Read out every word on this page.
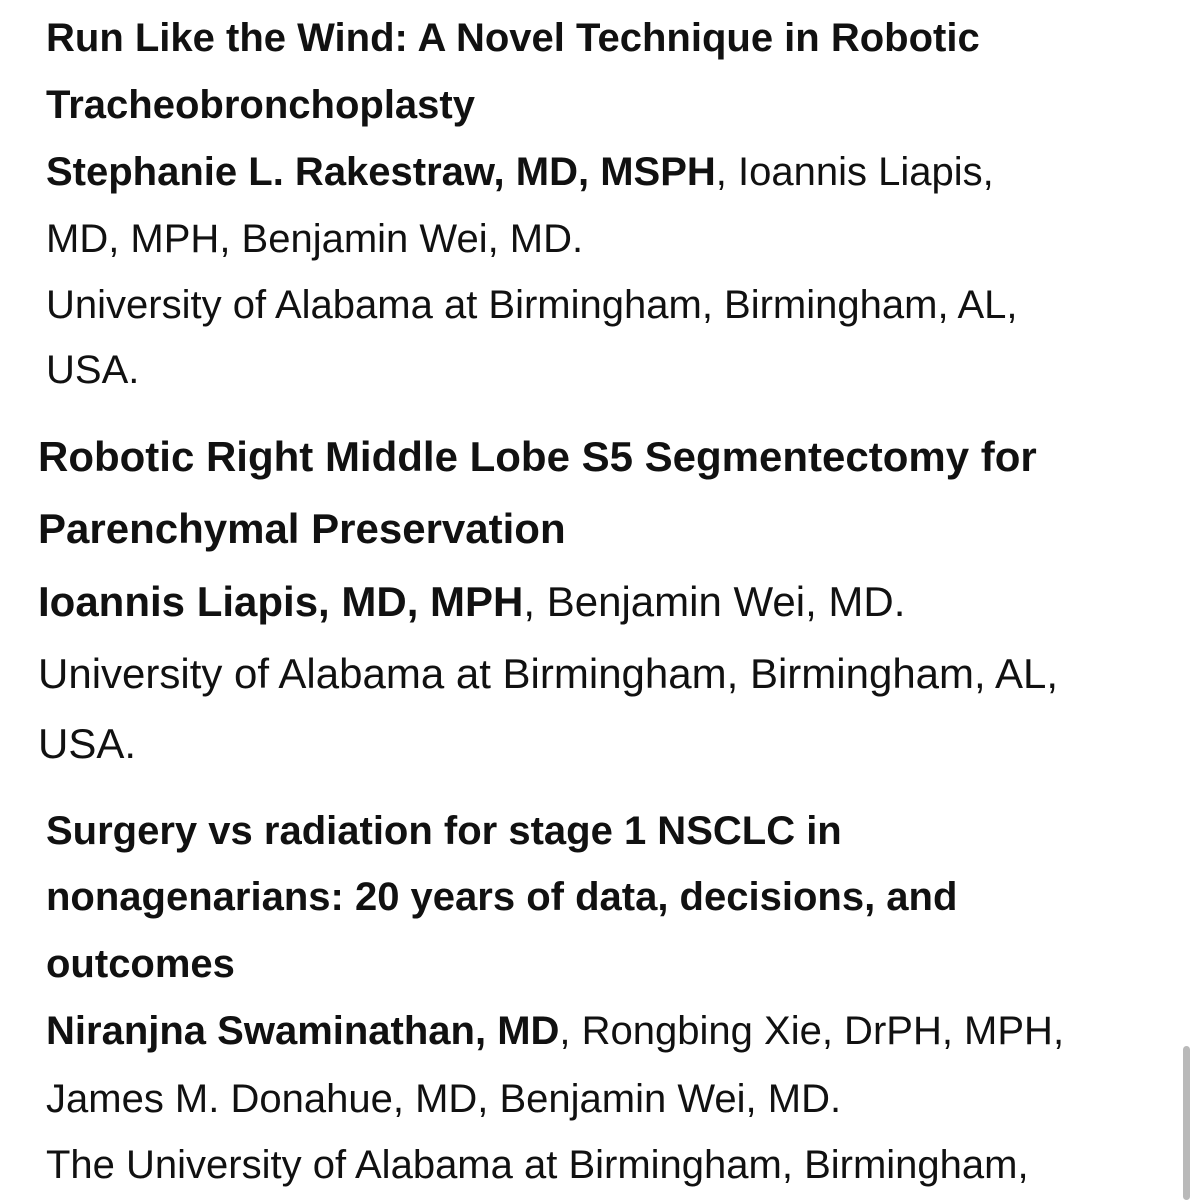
Run Like the Wind: A Novel Technique in Robotic
Tracheobronchoplasty
Stephanie L. Rakestraw, MD, MSPH, Ioannis Liapis,
MD, MPH, Benjamin Wei, MD.
University of Alabama at Birmingham, Birmingham, AL,
USA.
Robotic Right Middle Lobe S5 Segmentectomy for
Parenchymal Preservation
Ioannis Liapis, MD, MPH, Benjamin Wei, MD.
University of Alabama at Birmingham, Birmingham, AL,
USA.
Surgery vs radiation for stage 1 NSCLC in
nonagenarians: 20 years of data, decisions, and
outcomes
Niranjna Swaminathan, MD, Rongbing Xie, DrPH, MPH,
James M. Donahue, MD, Benjamin Wei, MD.
The University of Alabama at Birmingham, Birmingham,
